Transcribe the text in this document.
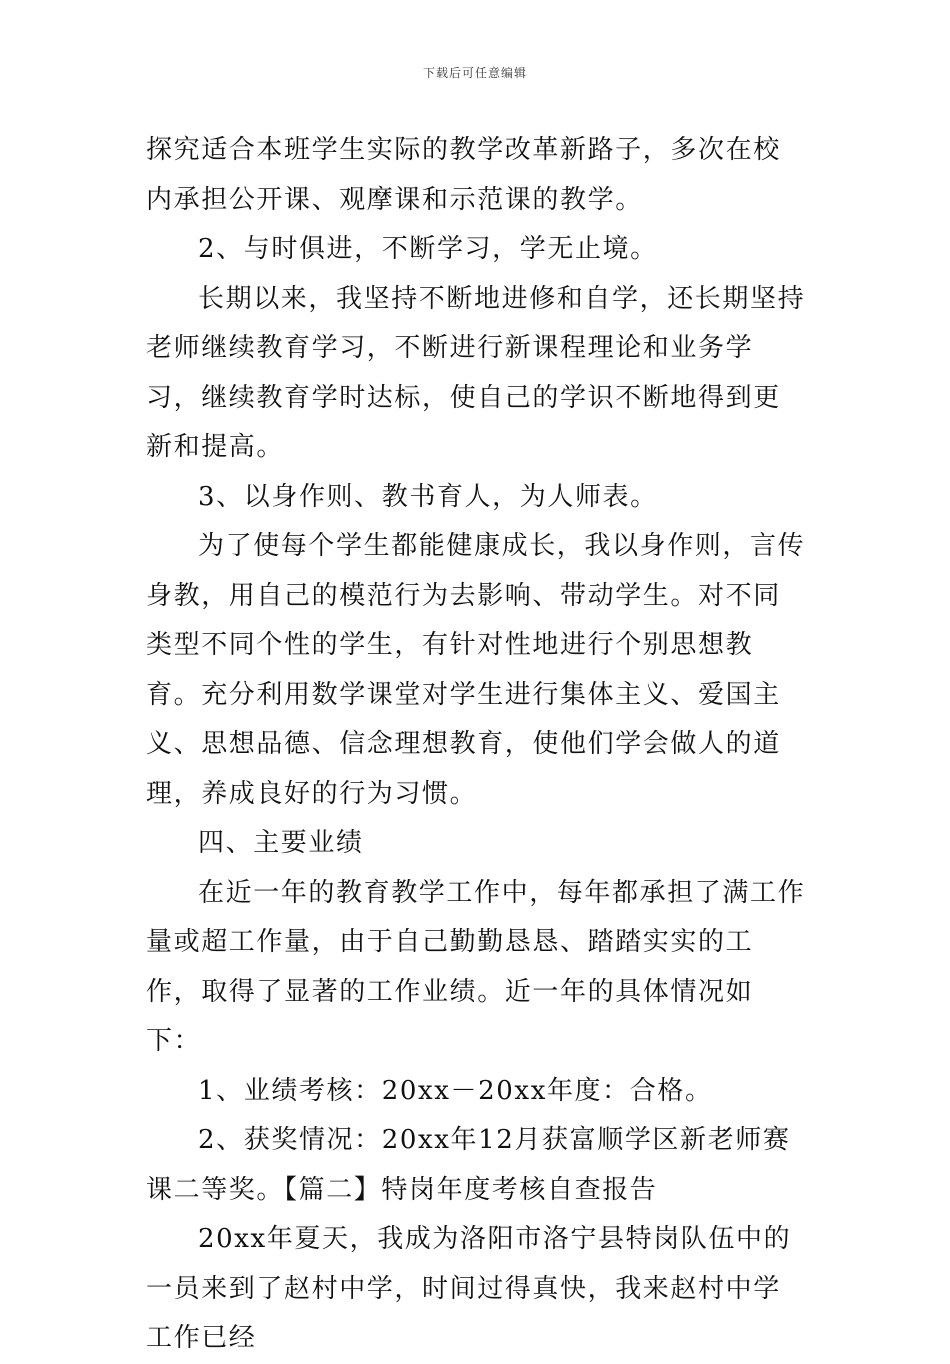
下载后可任意编辑

探究适合本班学生实际的教学改革新路子，多次在校内承担公开课、观摩课和示范课的教学。

2、与时俱进，不断学习，学无止境。

长期以来，我坚持不断地进修和自学，还长期坚持老师继续教育学习，不断进行新课程理论和业务学习，继续教育学时达标，使自己的学识不断地得到更新和提高。

3、以身作则、教书育人，为人师表。

为了使每个学生都能健康成长，我以身作则，言传身教，用自己的模范行为去影响、带动学生。对不同类型不同个性的学生，有针对性地进行个别思想教育。充分利用数学课堂对学生进行集体主义、爱国主义、思想品德、信念理想教育，使他们学会做人的道理，养成良好的行为习惯。

四、主要业绩

在近一年的教育教学工作中，每年都承担了满工作量或超工作量，由于自己勤勤恳恳、踏踏实实的工作，取得了显著的工作业绩。近一年的具体情况如下：

1、业绩考核：20xx－20xx年度：合格。

2、获奖情况：20xx年12月获富顺学区新老师赛课二等奖。【篇二】特岗年度考核自查报告

20xx年夏天，我成为洛阳市洛宁县特岗队伍中的一员来到了赵村中学，时间过得真快，我来赵村中学工作已经
